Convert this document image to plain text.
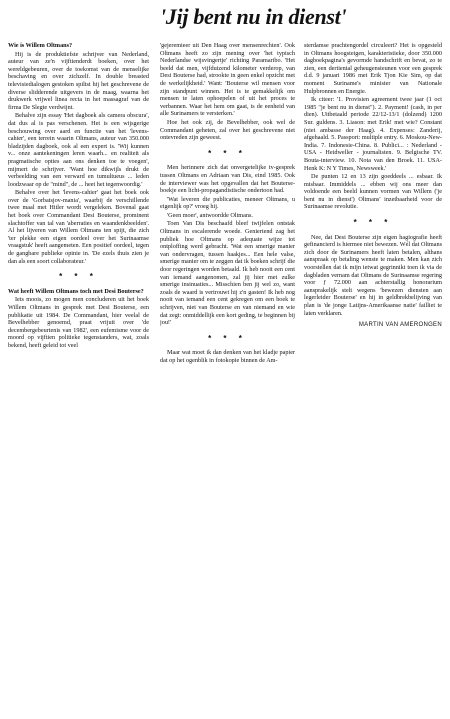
'Jij bent nu in dienst'

Wie is Willem Oltmans?

Hij is de produktiefste schrijver van Nederland, auteur van ze'n vijftienderdt boeken, over het wereldgebeuren, over de toekomst van de menselijke beschaving en over zichzelf. In double breasted televisiedialogen gestoken spiltst hij het geschrevene de diverse slidderende uitgevers in de maag, waarna het drukwerk vrijwel linea recta in het massagraf van de firma De Slegte verdwijnt.

Behalve zijn essay 'Het dagboek als camera obscura', dat dus al is pas verschenen. Het is een wijsgerige beschouwing over aard en functie van het 'levens-cahier', een terrein waarin Oltmans, auteur van 350.000 bladzijden dagboek, ook al een expert is. 'Wij kunnen v... onze aantekeningen leren waarh... en realiteit als pragmatische opties aan ons denken toe te voegen', mijmert de schrijver. 'Want hoe dikwijls drukt de verbeelding van een verward en tumultueus ... leden loodzwaar op de "mind", de ... heet het tegenwoordig.'

Behalve over het 'levens-cahier' gaat het boek ook over de 'Gorbatsjov-mania', waarbij de verschillende twee maal met Hitler wordt vergeleken. Bovenal gaat het boek over Commandant Desi Bouterse, prominent slachtoffer van tal van 'aberraties en waandenkbeelden'. Al het lijveren van Willem Oltmans ten spijt, die zich 'ter plekke een eigen oordeel over het Surinaamse vraagstuk' heeft aangemeten. Een positief oordeel, tegen de gangbare publieke opinie in. 'De ezels thuis zien je dan als een soort collaborateur.'

* * *

Wat heeft Willem Oltmans toch met Desi Bouterse?

Iets moois, zo mogen men concluderen uit het boek Willem Oltmans in gesprek met Desi Bouterse, een publikatie uit 1984. De Commandant, hier veelal de Bevelhebber genoemd, praat vrijuit over 'de decembergebeurtenis van 1982', een eufemisme voor de moord op vijftien politieke tegenstanders, wat, zoals bekend, heeft geleid tot veel

'gejeremieer uit Den Haag over mensenrechten'. Ook Oltmans heeft zo zijn mening over 'het typisch Nederlandse wijsvingertje' richting Paramaribo. 'Het beeld dat men, vijfduizend kilometer verderop, van Desi Bouterse had, strookte in geen enkel opzicht met de werkelijkheid.' Want: 'Bouterse wil mensen voor zijn standpunt winnen. Het is te gemakkelijk om mensen te laten ophoepelen of uit het proces te verbannen. Waar het hem om gaat, is de eenheid van alle Surinamers te versterken.'

Hoe het ook zij, de Bevelhebber, ook wel de Commandant geheten, zal over het geschrevene niet ontevreden zijn geweest.

* * *

Men herinnere zich dat onvergetelijke tv-gesprek tussen Oltmans en Adriaan van Dis, eind 1985. Ook de interviewer was het opgevallen dat het Bouterse-boekje een licht-propagandistische ondertoon had.

'Wat leveren die publicaties, meneer Oltmans, u eigenlijk op?' vroeg hij.

'Geen moer', antwoordde Oltmans.

Toen Van Dis beschaafd bleef twijfelen ontstak Oltmans in escalerende woede. Geniertend zag het publiek hoe Oltmans op adequate wijze tot ontploffing werd gebracht. 'Wat een smerige manier van ondervragen, tussen haakjes... Een hele valse, smerige manier om te zeggen dat ik boeken schrijf die door regeringen worden betaald. Ik heb nooit een cent van iemand aangenomen, zal jij hier met zulke smerige insinuaties... Misschien ben jij wel zo, want zoals de waard is vertrouwt hij z'n gasten! Ik heb nog nooit van iemand een cent gekregen om een boek te schrijven, niet van Bouterse en van niemand en wie dat zegt: onmiddellijk een kort geding, te beginnen bij jou!'

* * *

Maar wat moet ik dan denken van het kladje papier dat op het ogenblik in fotokopie binnen de Am-

sterdamse prachtengordel circuleert? Het is opgesteld in Oltmans hoogsteigen, karakteristieke, door 350.000 dagboekpagina's gevormde handschrift en bevat, zo te zien, een dertiental geheugensteunen voor een gesprek d.d. 9 januari 1986 met Erik Tjon Kie Sim, op dat moment Suriname's minister van Nationale Hulpbronnen en Energie.

Ik citeer: '1. Provisien agreement twee jaar (1 oct 1985 "je bent nu in dienst"). 2. Payment! (cash, in per dien). Uitbetaald periode 22/12-13/1 (dolzend) 1200 Sur. guldens. 3. Liason: met Erik! met wie? Constant (niet ambasse der Haag). 4. Expenses: Zanderij, afgehaald. 5. Passport: multiple entry. 6. Moskou-New-India. 7. Indonesie-China. 8. Publici... : Nederland - USA - Heidweller - journalisten. 9. Belgische TV. Bouta-interview. 10. Nota van den Broek. 11. USA-Henk K: N Y Times, Newsweek.'

De punten 12 en 13 zijn goeddeels ... esbaar. Ik misbaar. Immiddels ... ebben wij ons meer dan voldoende een beeld kunnen vormen van Willem ('je bent nu in dienst') Oltmans' inzetbaarheid voor de Surinaamse revolutie.

* * *

Nee, dat Desi Bouterse zijn eigen hagiografie heeft gefinancierd is hiermee niet bewezen. Wél dat Oltmans zich door de Surinamers heeft laten betalen, althans aanspraak op betaling wenste te maken. Men kan zich voorstellen dat ik mijn ietwat gegrinnikt toen ik via de dagbladen vernam dat Oltmans de Surinaamse regering voor ƒ 72.000 aan achterstallig honorarium aansprakelijk stelt wegens 'bewezen diensten aan legerleider Bouterse' en hij in geldbrekbelijving van plan is 'de jonge Latijns-Amerikaanse natie' failliet te laten verklaren.

MARTIN VAN AMERONGEN
